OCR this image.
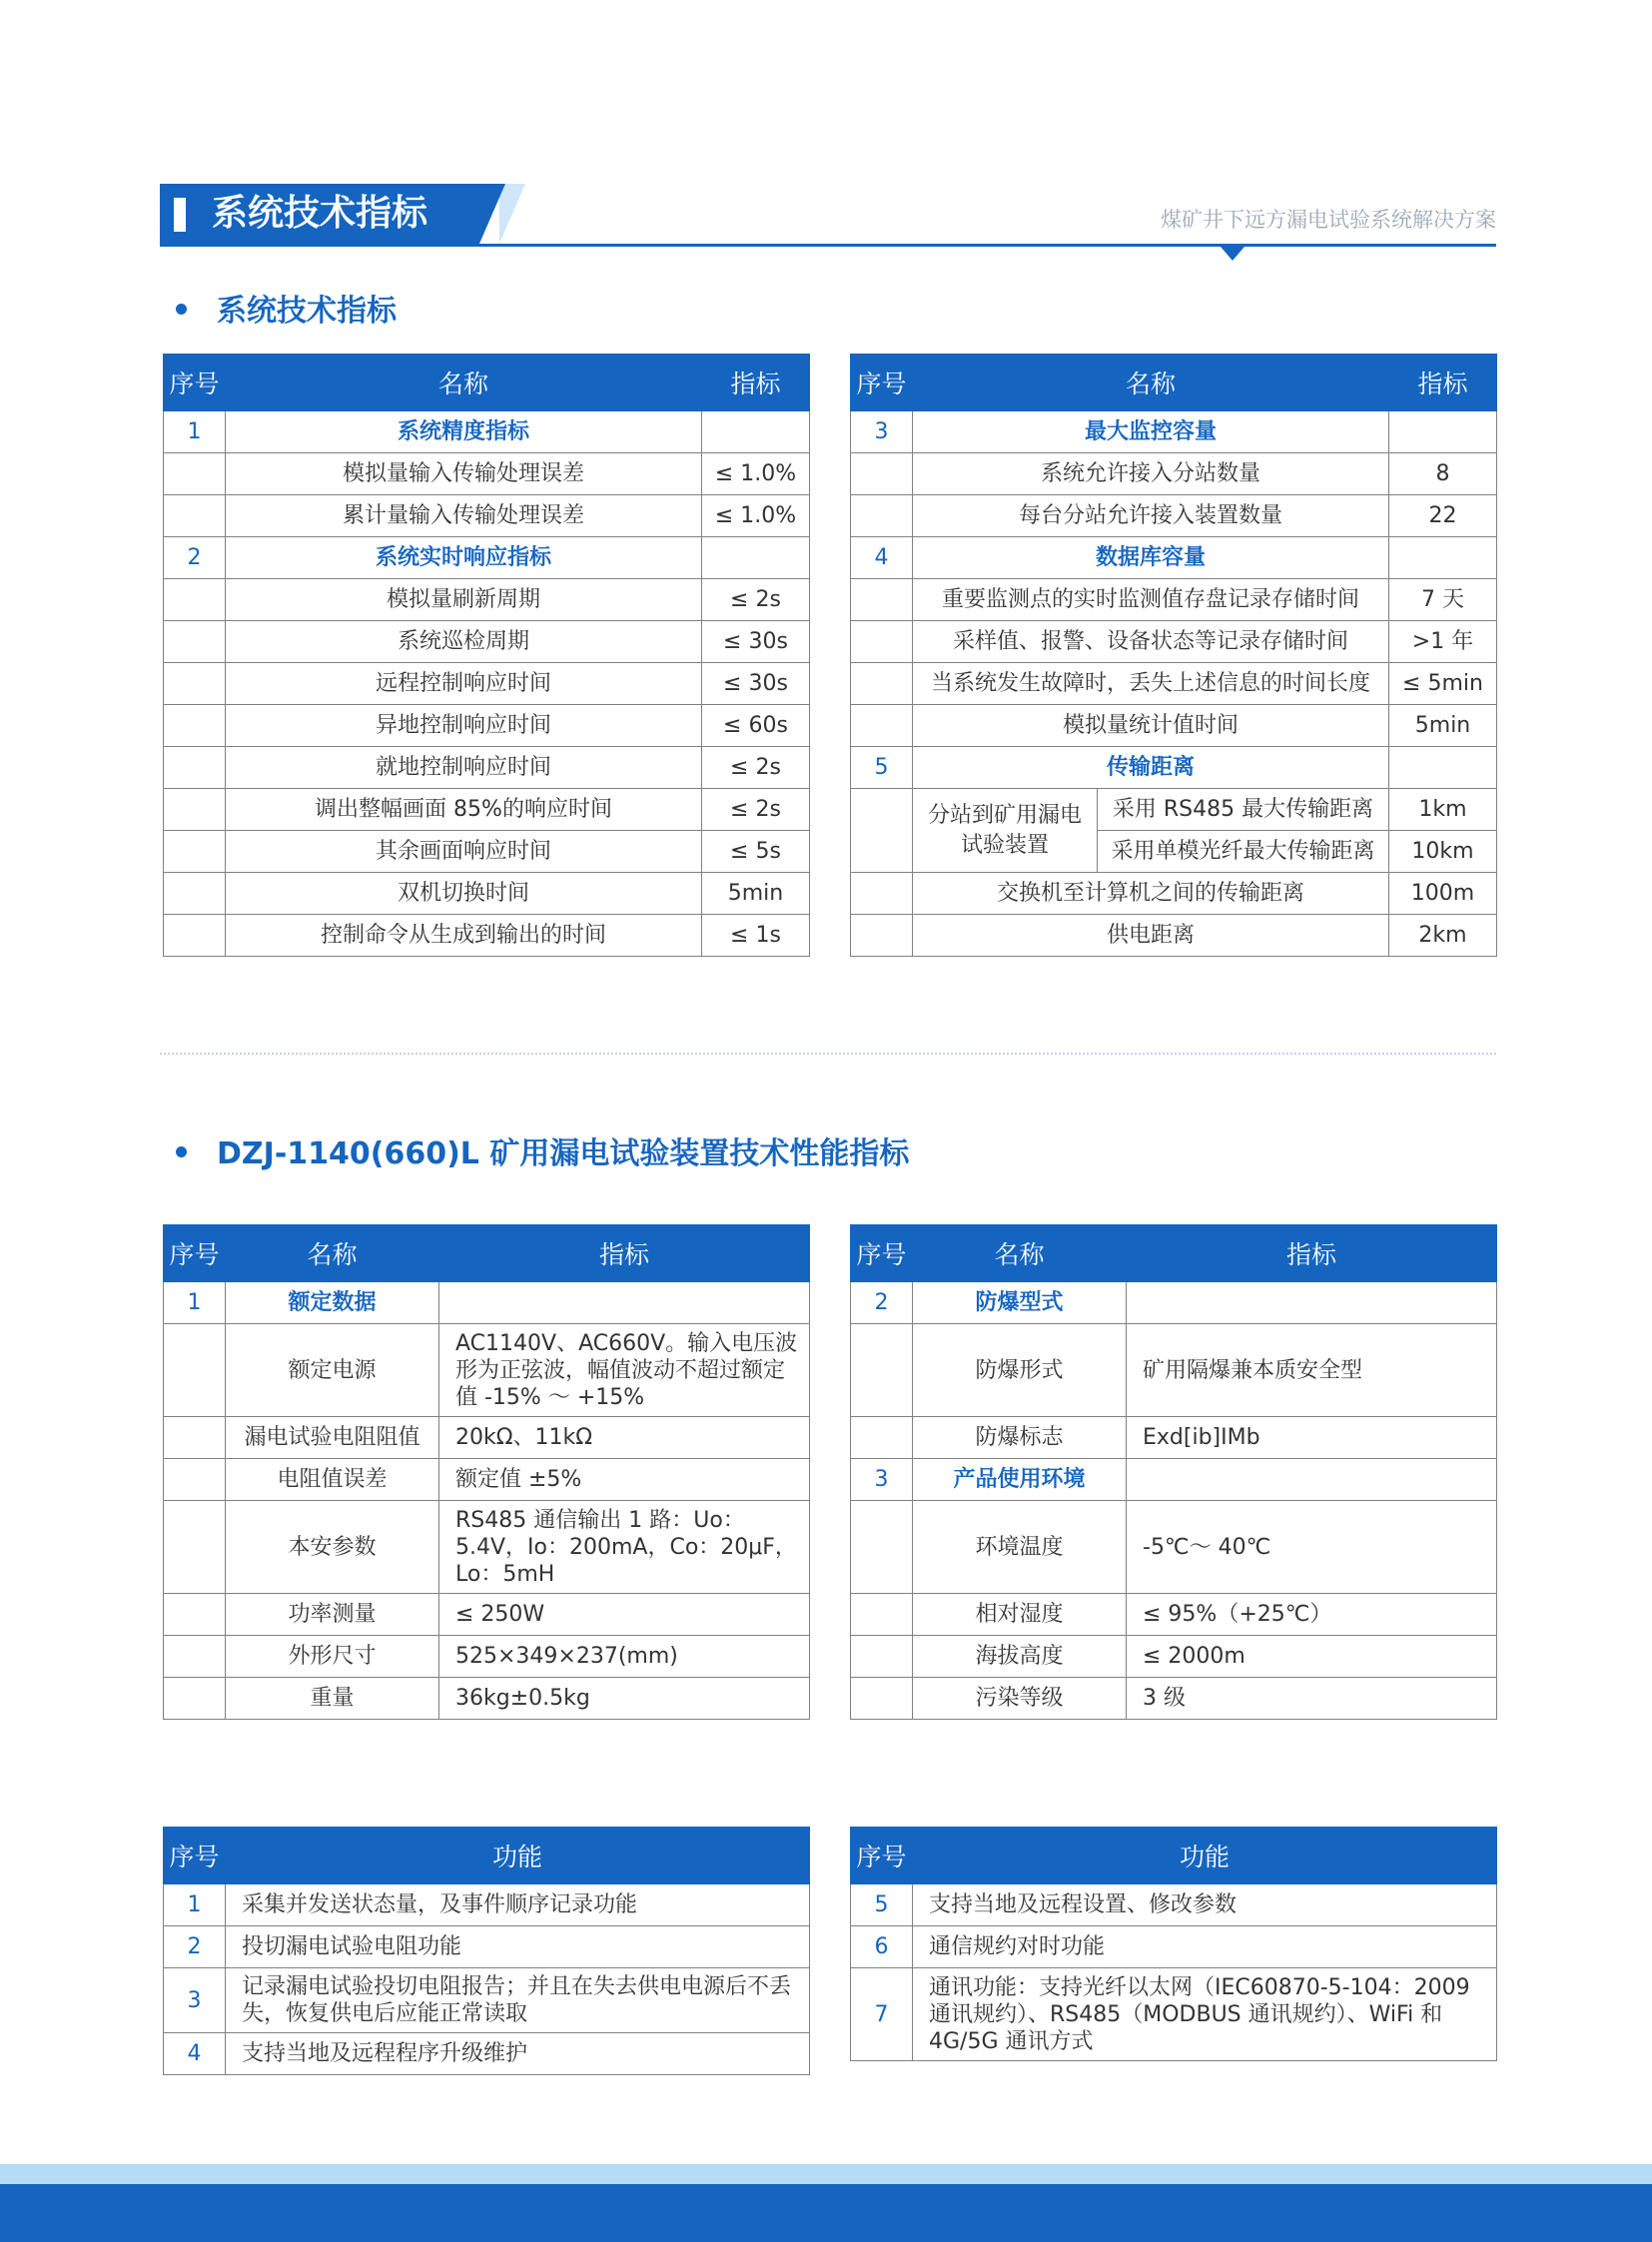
系统技术指标	煤矿井下远方漏电试验系统解决方案
系统技术指标
序号	名称	指标
1	系统精度指标	
	模拟量输入传输处理误差	≤ 1.0%
	累计量输入传输处理误差	≤ 1.0%
2	系统实时响应指标	
	模拟量刷新周期	≤ 2s
	系统巡检周期	≤ 30s
	远程控制响应时间	≤ 30s
	异地控制响应时间	≤ 60s
	就地控制响应时间	≤ 2s
	调出整幅画面 85%的响应时间	≤ 2s
	其余画面响应时间	≤ 5s
	双机切换时间	5min
	控制命令从生成到输出的时间	≤ 1s
序号	名称		指标
3	最大监控容量		
	系统允许接入分站数量		8
	每台分站允许接入装置数量		22
4	数据库容量		
	重要监测点的实时监测值存盘记录存储时间		7 天
	采样值、报警、设备状态等记录存储时间		>1 年
	当系统发生故障时，丢失上述信息的时间长度		≤ 5min
	模拟量统计值时间		5min
5	传输距离		
	分站到矿用漏电试验装置	采用 RS485 最大传输距离	1km
		采用单模光纤最大传输距离	10km
	交换机至计算机之间的传输距离		100m
	供电距离		2km
DZJ-1140(660)L 矿用漏电试验装置技术性能指标
序号	名称	指标
1	额定数据	
	额定电源	AC1140V、AC660V。输入电压波形为正弦波，幅值波动不超过额定值 -15% ～ +15%
	漏电试验电阻阻值	20kΩ、11kΩ
	电阻值误差	额定值 ±5%
	本安参数	RS485 通信输出 1 路：Uo：5.4V，Io：200mA，Co：20μF，Lo：5mH
	功率测量	≤ 250W
	外形尺寸	525×349×237(mm)
	重量	36kg±0.5kg
序号	名称	指标
2	防爆型式	
	防爆形式	矿用隔爆兼本质安全型
	防爆标志	Exd[ib]IMb
3	产品使用环境	
	环境温度	-5℃～ 40℃
	相对湿度	≤ 95%（+25℃）
	海拔高度	≤ 2000m
	污染等级	3 级
序号	功能
1	采集并发送状态量，及事件顺序记录功能
2	投切漏电试验电阻功能
3	记录漏电试验投切电阻报告；并且在失去供电电源后不丢失，恢复供电后应能正常读取
4	支持当地及远程程序升级维护
序号	功能
5	支持当地及远程设置、修改参数
6	通信规约对时功能
7	通讯功能：支持光纤以太网（IEC60870-5-104：2009 通讯规约）、RS485（MODBUS 通讯规约）、WiFi 和 4G/5G 通讯方式
